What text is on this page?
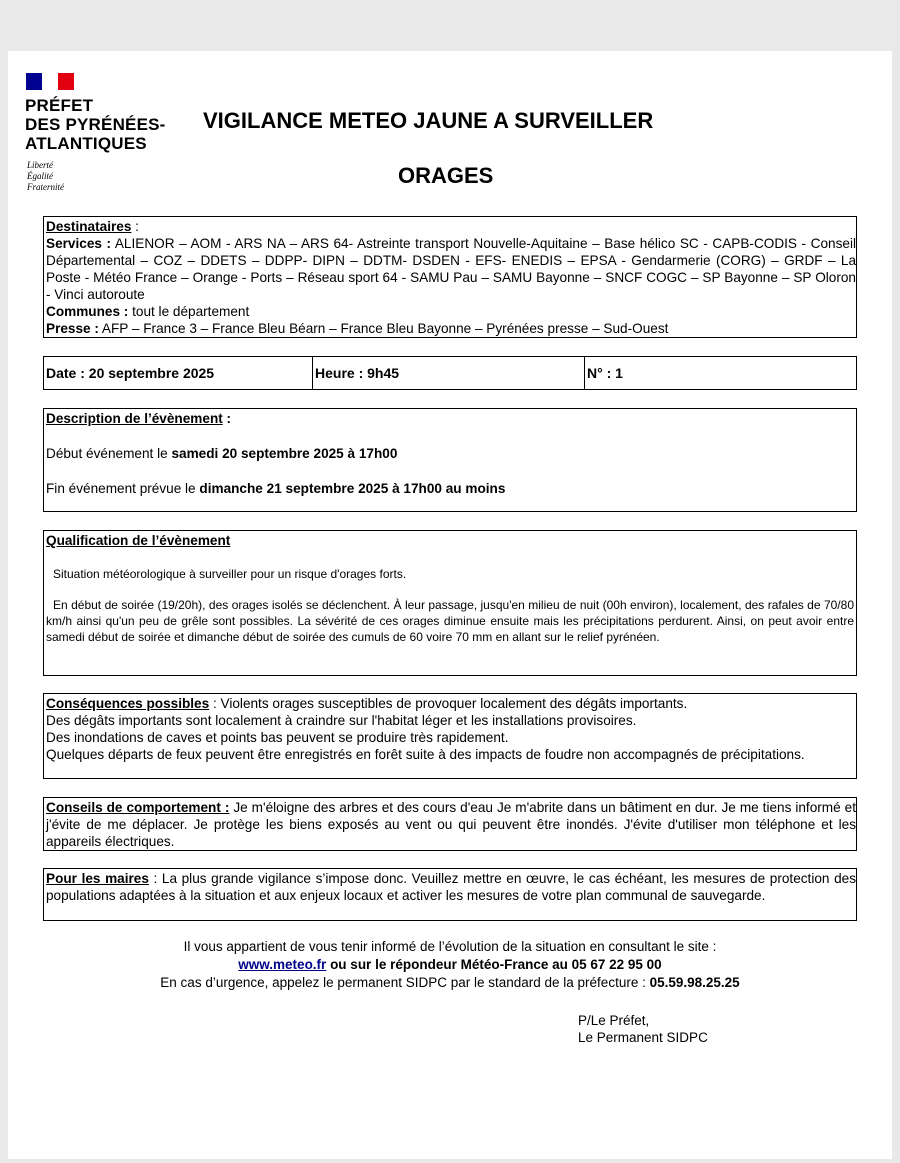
PRÉFET
DES PYRÉNÉES-
ATLANTIQUES
Liberté
Égalité
Fraternité
VIGILANCE METEO JAUNE A SURVEILLER
ORAGES
Destinataires :
Services : ALIENOR – AOM - ARS NA – ARS 64- Astreinte transport Nouvelle-Aquitaine – Base hélico SC - CAPB-CODIS - Conseil Départemental – COZ – DDETS – DDPP- DIPN – DDTM- DSDEN - EFS- ENEDIS – EPSA - Gendarmerie (CORG) – GRDF – La Poste - Météo France – Orange - Ports – Réseau sport 64 - SAMU Pau – SAMU Bayonne – SNCF COGC – SP Bayonne – SP Oloron - Vinci autoroute
Communes : tout le département
Presse : AFP – France 3 – France Bleu Béarn – France Bleu Bayonne – Pyrénées presse – Sud-Ouest
Date : 20 septembre 2025	Heure : 9h45	N° : 1
Description de l’évènement :
Début événement le samedi 20 septembre 2025 à 17h00
Fin événement prévue le dimanche 21 septembre 2025 à 17h00 au moins
Qualification de l’évènement
Situation météorologique à surveiller pour un risque d'orages forts.
En début de soirée (19/20h), des orages isolés se déclenchent. À leur passage, jusqu'en milieu de nuit (00h environ), localement, des rafales de 70/80 km/h ainsi qu'un peu de grêle sont possibles. La sévérité de ces orages diminue ensuite mais les précipitations perdurent. Ainsi, on peut avoir entre samedi début de soirée et dimanche début de soirée des cumuls de 60 voire 70 mm en allant sur le relief pyrénéen.
Conséquences possibles : Violents orages susceptibles de provoquer localement des dégâts importants.
Des dégâts importants sont localement à craindre sur l'habitat léger et les installations provisoires.
Des inondations de caves et points bas peuvent se produire très rapidement.
Quelques départs de feux peuvent être enregistrés en forêt suite à des impacts de foudre non accompagnés de précipitations.
Conseils de comportement : Je m'éloigne des arbres et des cours d'eau Je m'abrite dans un bâtiment en dur. Je me tiens informé et j'évite de me déplacer. Je protège les biens exposés au vent ou qui peuvent être inondés. J'évite d'utiliser mon téléphone et les appareils électriques.
Pour les maires : La plus grande vigilance s’impose donc. Veuillez mettre en œuvre, le cas échéant, les mesures de protection des populations adaptées à la situation et aux enjeux locaux et activer les mesures de votre plan communal de sauvegarde.
Il vous appartient de vous tenir informé de l’évolution de la situation en consultant le site :
www.meteo.fr ou sur le répondeur Météo-France au 05 67 22 95 00
En cas d’urgence, appelez le permanent SIDPC par le standard de la préfecture : 05.59.98.25.25
P/Le Préfet,
Le Permanent SIDPC
